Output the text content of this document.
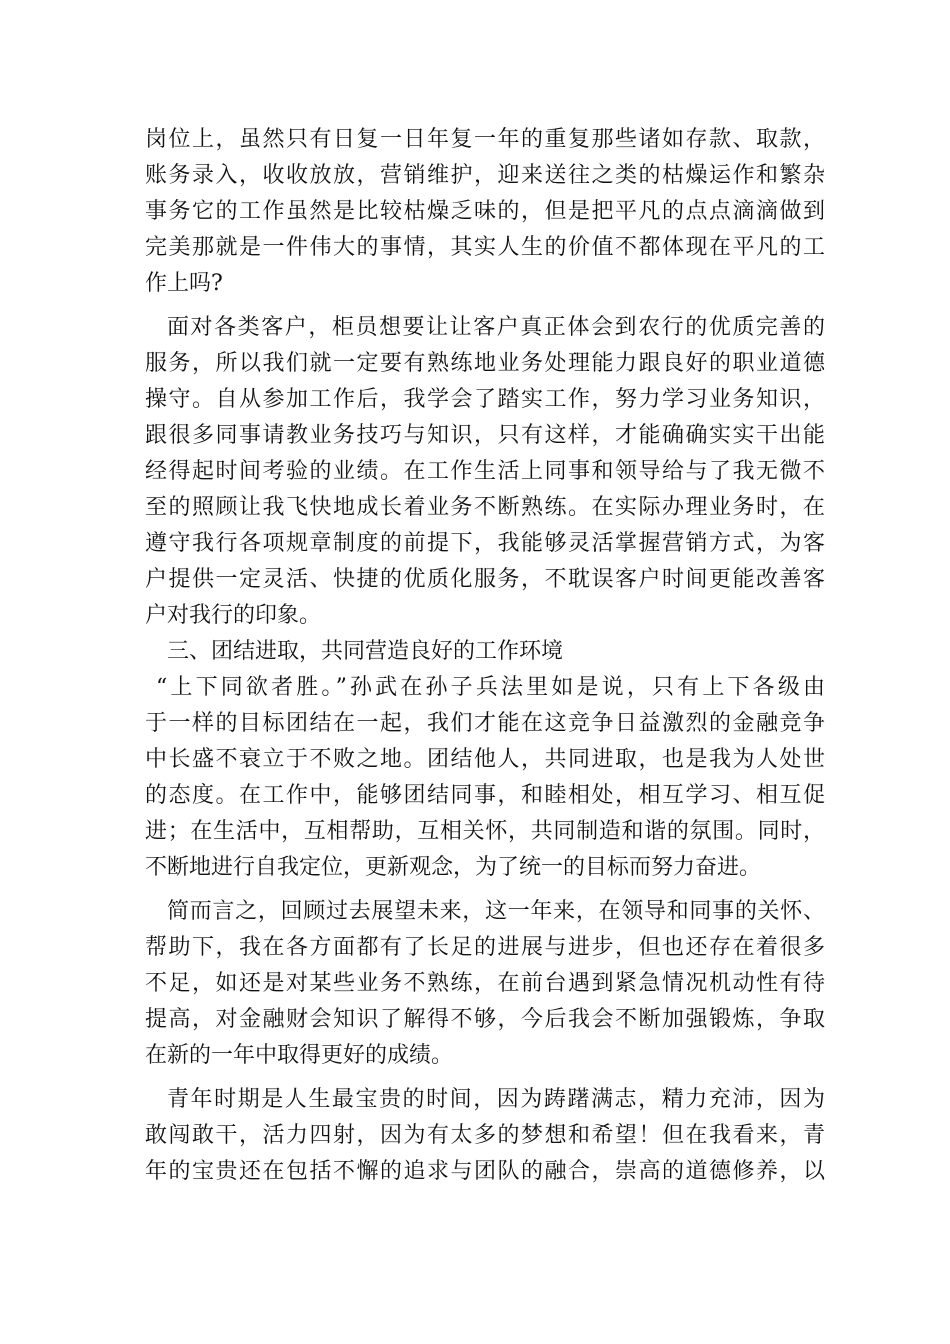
岗位上，虽然只有日复一日年复一年的重复那些诸如存款、取款，
账务录入，收收放放，营销维护，迎来送往之类的枯燥运作和繁杂
事务它的工作虽然是比较枯燥乏味的，但是把平凡的点点滴滴做到
完美那就是一件伟大的事情，其实人生的价值不都体现在平凡的工
作上吗?
面对各类客户，柜员想要让让客户真正体会到农行的优质完善的
服务，所以我们就一定要有熟练地业务处理能力跟良好的职业道德
操守。自从参加工作后，我学会了踏实工作，努力学习业务知识，
跟很多同事请教业务技巧与知识，只有这样，才能确确实实干出能
经得起时间考验的业绩。在工作生活上同事和领导给与了我无微不
至的照顾让我飞快地成长着业务不断熟练。在实际办理业务时，在
遵守我行各项规章制度的前提下，我能够灵活掌握营销方式，为客
户提供一定灵活、快捷的优质化服务，不耽误客户时间更能改善客
户对我行的印象。
三、团结进取，共同营造良好的工作环境
“上下同欲者胜。”孙武在孙子兵法里如是说，只有上下各级由
于一样的目标团结在一起，我们才能在这竞争日益激烈的金融竞争
中长盛不衰立于不败之地。团结他人，共同进取，也是我为人处世
的态度。在工作中，能够团结同事，和睦相处，相互学习、相互促
进；在生活中，互相帮助，互相关怀，共同制造和谐的氛围。同时，
不断地进行自我定位，更新观念，为了统一的目标而努力奋进。
简而言之，回顾过去展望未来，这一年来，在领导和同事的关怀、
帮助下，我在各方面都有了长足的进展与进步，但也还存在着很多
不足，如还是对某些业务不熟练，在前台遇到紧急情况机动性有待
提高，对金融财会知识了解得不够，今后我会不断加强锻炼，争取
在新的一年中取得更好的成绩。
青年时期是人生最宝贵的时间，因为踌躇满志，精力充沛，因为
敢闯敢干，活力四射，因为有太多的梦想和希望！但在我看来，青
年的宝贵还在包括不懈的追求与团队的融合，崇高的道德修养，以
